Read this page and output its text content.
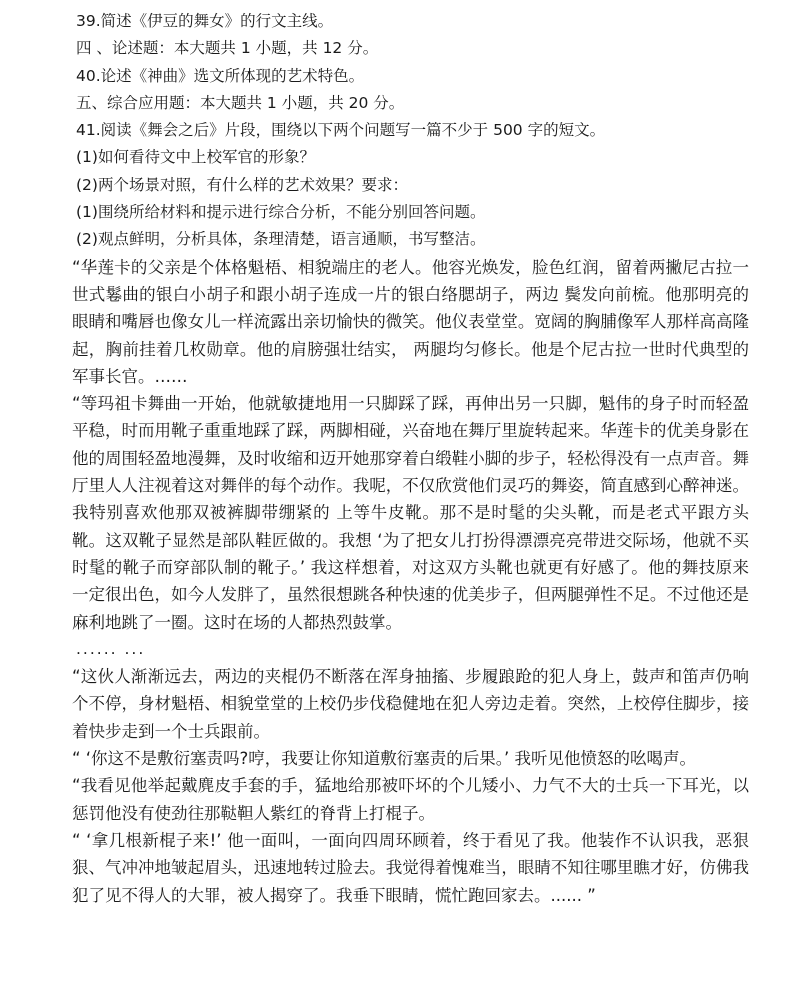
39.简述《伊豆的舞女》的行文主线。

四 、论述题：本大题共 1 小题，共 12 分。

40.论述《神曲》选文所体现的艺术特色。

五、综合应用题：本大题共 1 小题，共 20 分。

41.阅读《舞会之后》片段，围绕以下两个问题写一篇不少于 500 字的短文。

(1)如何看待文中上校军官的形象？

(2)两个场景对照，有什么样的艺术效果？要求：

(1)围绕所给材料和提示进行综合分析，不能分别回答问题。

(2)观点鲜明，分析具体，条理清楚，语言通顺，书写整洁。

“华莲卡的父亲是个体格魁梧、相貌端庄的老人。他容光焕发，脸色红润，留着两撇尼古拉一世式鬈曲的银白小胡子和跟小胡子连成一片的银白络腮胡子，两边 鬓发向前梳。他那明亮的眼睛和嘴唇也像女儿一样流露出亲切愉快的微笑。他仪表堂堂。宽阔的胸脯像军人那样高高隆起，胸前挂着几枚勋章。他的肩膀强壮结实， 两腿均匀修长。他是个尼古拉一世时代典型的军事长官。……

“等玛祖卡舞曲一开始，他就敏捷地用一只脚踩了踩，再伸出另一只脚，魁伟的身子时而轻盈平稳，时而用靴子重重地踩了踩，两脚相碰，兴奋地在舞厅里旋转起来。华莲卡的优美身影在他的周围轻盈地漫舞，及时收缩和迈开她那穿着白缎鞋小脚的步子，轻松得没有一点声音。舞厅里人人注视着这对舞伴的每个动作。我呢，不仅欣赏他们灵巧的舞姿，简直感到心醉神迷。我特别喜欢他那双被裤脚带绷紧的 上等牛皮靴。那不是时髦的尖头靴，而是老式平跟方头靴。这双靴子显然是部队鞋匠做的。我想 ‘为了把女儿打扮得漂漂亮亮带进交际场，他就不买时髦的靴子而穿部队制的靴子。’ 我这样想着，对这双方头靴也就更有好感了。他的舞技原来一定很出色，如今人发胖了，虽然很想跳各种快速的优美步子，但两腿弹性不足。不过他还是麻利地跳了一圈。这时在场的人都热烈鼓掌。

...... ...

“这伙人渐渐远去，两边的夹棍仍不断落在浑身抽搐、步履踉跄的犯人身上，鼓声和笛声仍响个不停，身材魁梧、相貌堂堂的上校仍步伐稳健地在犯人旁边走着。突然，上校停住脚步，接着快步走到一个士兵跟前。

“ ‘你这不是敷衍塞责吗?哼，我要让你知道敷衍塞责的后果。’ 我听见他愤怒的吆喝声。

“我看见他举起戴麂皮手套的手，猛地给那被吓坏的个儿矮小、力气不大的士兵一下耳光，以惩罚他没有使劲往那鞑靼人紫红的脊背上打棍子。

“ ‘拿几根新棍子来!’ 他一面叫，一面向四周环顾着，终于看见了我。他装作不认识我，恶狠狠、气冲冲地皱起眉头，迅速地转过脸去。我觉得着愧难当，眼睛不知往哪里瞧才好，仿佛我犯了见不得人的大罪，被人揭穿了。我垂下眼睛，慌忙跑回家去。...... ”
